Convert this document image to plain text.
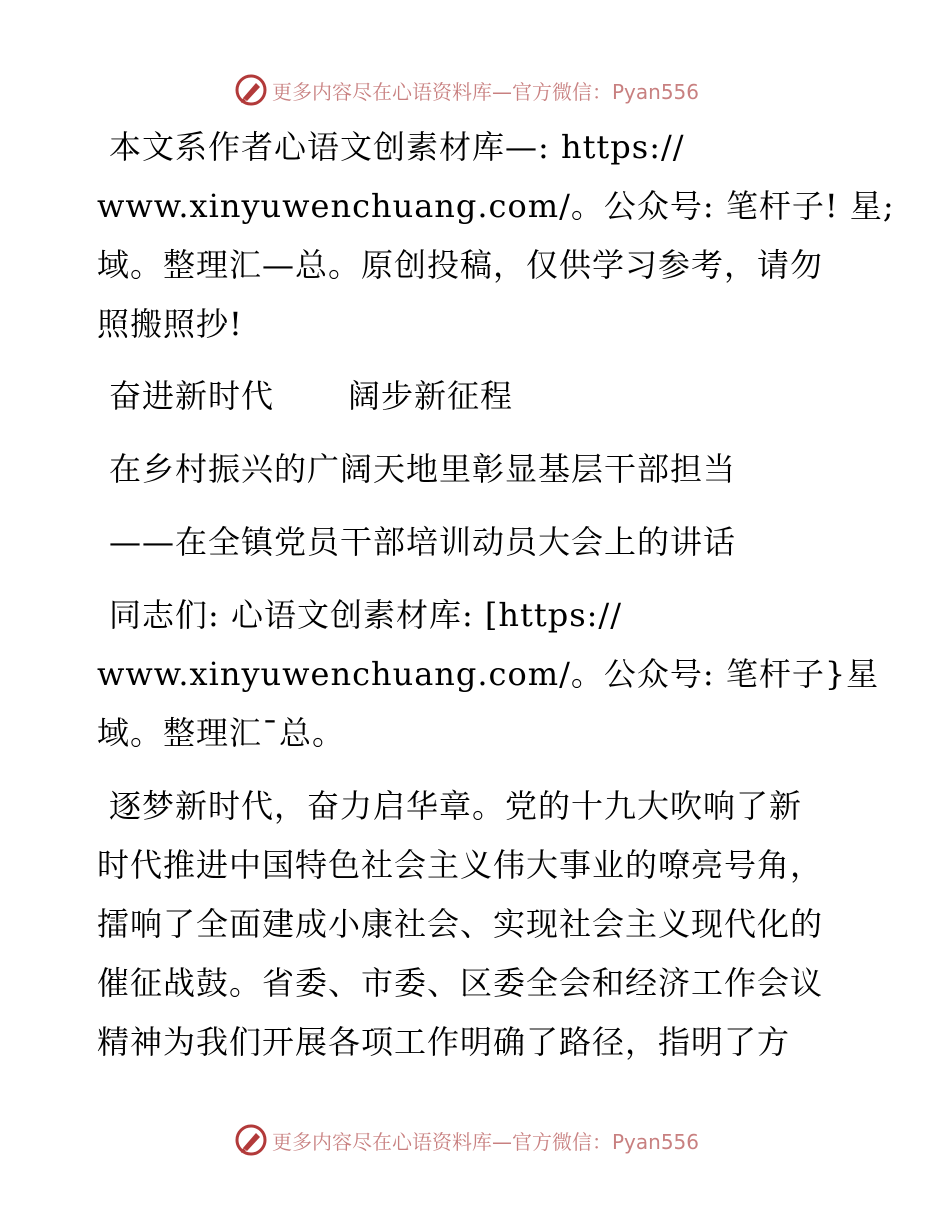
更多内容尽在心语资料库—官方微信：Pyan556
本文系作者心语文创素材库—: https://
www.xinyuwenchuang.com/。公众号: 笔杆子! 星;
域。整理汇—总。原创投稿，仅供学习参考，请勿
照搬照抄!
奋进新时代 阔步新征程
在乡村振兴的广阔天地里彰显基层干部担当
——在全镇党员干部培训动员大会上的讲话
同志们: 心语文创素材库: [https://
www.xinyuwenchuang.com/。公众号: 笔杆子}星
域。整理汇¯总。
逐梦新时代，奋力启华章。党的十九大吹响了新
时代推进中国特色社会主义伟大事业的嘹亮号角，
擂响了全面建成小康社会、实现社会主义现代化的
催征战鼓。省委、市委、区委全会和经济工作会议
精神为我们开展各项工作明确了路径，指明了方
更多内容尽在心语资料库—官方微信：Pyan556
